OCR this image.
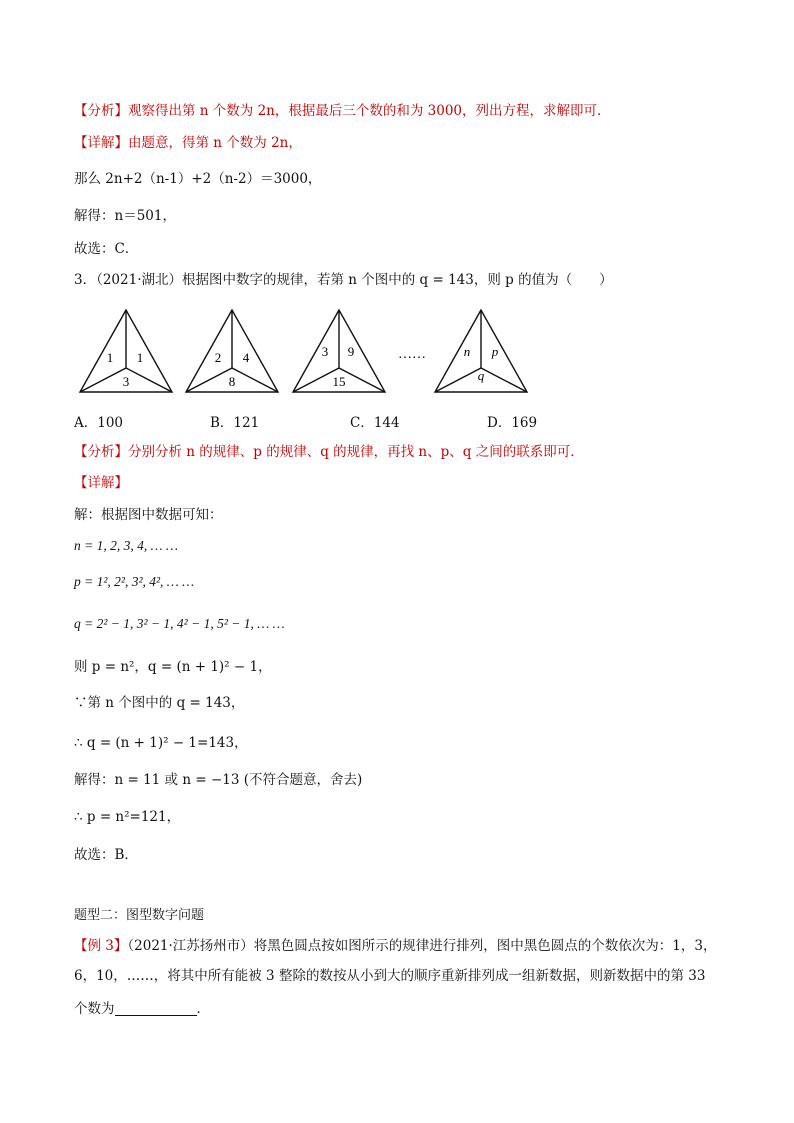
【分析】观察得出第 n 个数为 2n，根据最后三个数的和为 3000，列出方程，求解即可．
【详解】由题意，得第 n 个数为 2n，
那么 2n+2（n-1）+2（n-2）＝3000，
解得：n＝501，
故选：C．
3．（2021·湖北）根据图中数字的规律，若第 n 个图中的 q = 143，则 p 的值为（　　）
1 1
3
2 4
8
3 9
15
……	n p
q
A．100	B．121	C．144	D．169
【分析】分别分析 n 的规律、p 的规律、q 的规律，再找 n、p、q 之间的联系即可．
【详解】
解：根据图中数据可知：
n = 1, 2, 3, 4, … …
p = 1², 2², 3², 4², … …
q = 2² − 1, 3² − 1, 4² − 1, 5² − 1, … …
则 p = n²，q = (n + 1)² − 1，
∵第 n 个图中的 q = 143，
∴ q = (n + 1)² − 1=143，
解得：n = 11 或 n = −13 (不符合题意，舍去)
∴ p = n²=121，
故选：B．
题型二：图型数字问题
【例 3】（2021·江苏扬州市）将黑色圆点按如图所示的规律进行排列，图中黑色圆点的个数依次为：1，3，
6，10，……，将其中所有能被 3 整除的数按从小到大的顺序重新排列成一组新数据，则新数据中的第 33
个数为	．
